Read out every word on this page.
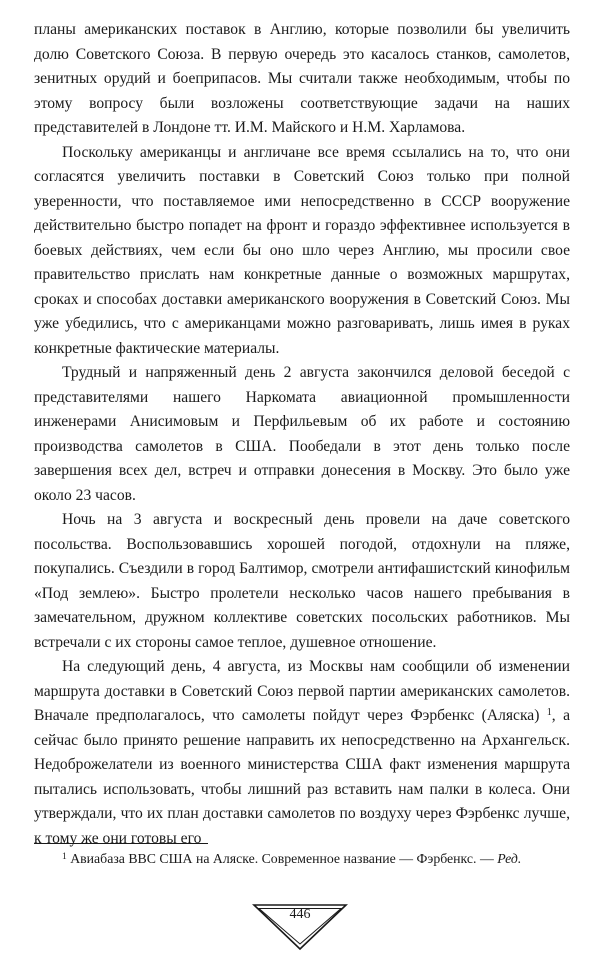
планы американских поставок в Англию, которые позволили бы увеличить долю Советского Союза. В первую очередь это касалось станков, самолетов, зенитных орудий и боеприпасов. Мы считали также необходимым, чтобы по этому вопросу были возложены соответствующие задачи на наших представителей в Лондоне тт. И.М. Майского и Н.М. Харламова.

Поскольку американцы и англичане все время ссылались на то, что они согласятся увеличить поставки в Советский Союз только при полной уверенности, что поставляемое ими непосредственно в СССР вооружение действительно быстро попадет на фронт и гораздо эффективнее используется в боевых действиях, чем если бы оно шло через Англию, мы просили свое правительство прислать нам конкретные данные о возможных маршрутах, сроках и способах доставки американского вооружения в Советский Союз. Мы уже убедились, что с американцами можно разговаривать, лишь имея в руках конкретные фактические материалы.

Трудный и напряженный день 2 августа закончился деловой беседой с представителями нашего Наркомата авиационной промышленности инженерами Анисимовым и Перфильевым об их работе и состоянию производства самолетов в США. Пообедали в этот день только после завершения всех дел, встреч и отправки донесения в Москву. Это было уже около 23 часов.

Ночь на 3 августа и воскресный день провели на даче советского посольства. Воспользовавшись хорошей погодой, отдохнули на пляже, покупались. Съездили в город Балтимор, смотрели антифашистский кинофильм «Под землею». Быстро пролетели несколько часов нашего пребывания в замечательном, дружном коллективе советских посольских работников. Мы встречали с их стороны самое теплое, душевное отношение.

На следующий день, 4 августа, из Москвы нам сообщили об изменении маршрута доставки в Советский Союз первой партии американских самолетов. Вначале предполагалось, что самолеты пойдут через Фэрбенкс (Аляска) $^1$, а сейчас было принято решение направить их непосредственно на Архангельск. Недоброжелатели из военного министерства США факт изменения маршрута пытались использовать, чтобы лишний раз вставить нам палки в колеса. Они утверждали, что их план доставки самолетов по воздуху через Фэрбенкс лучше, к тому же они готовы его

$^1$ Авиабаза ВВС США на Аляске. Современное название — Фэрбенкс. — Ред.

446
